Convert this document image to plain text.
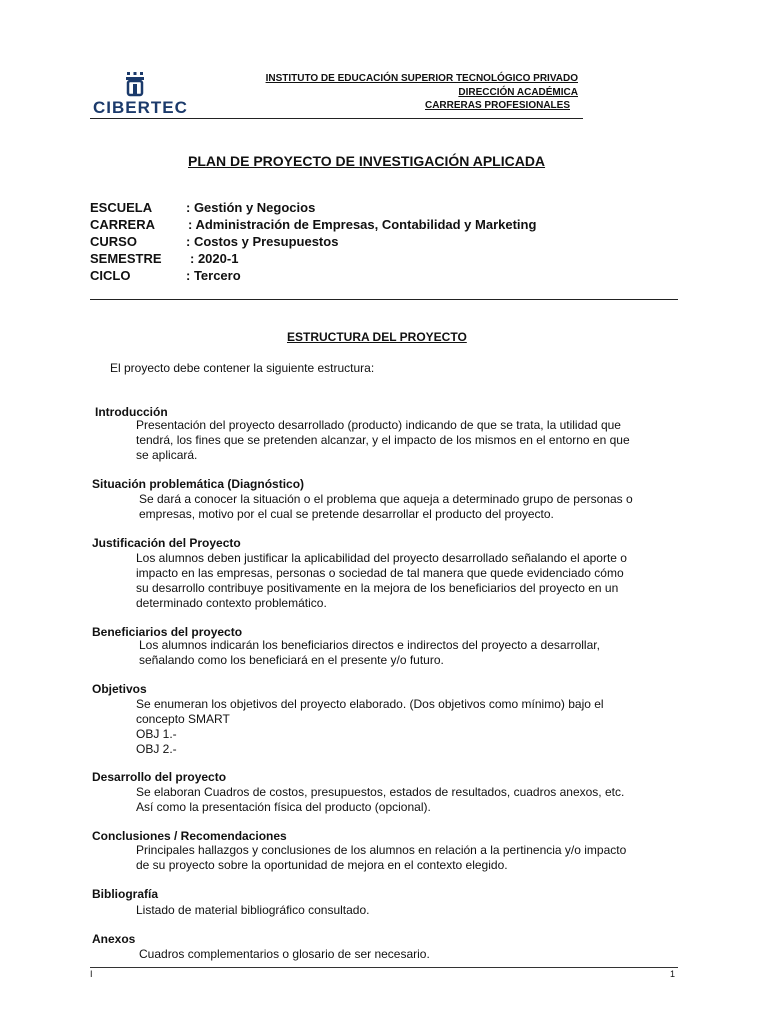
CIBERTEC
INSTITUTO DE EDUCACIÓN SUPERIOR TECNOLÓGICO PRIVADO
DIRECCIÓN ACADÉMICA
CARRERAS PROFESIONALES
PLAN DE PROYECTO DE INVESTIGACIÓN APLICADA
ESCUELA	: Gestión y Negocios
CARRERA	: Administración de Empresas, Contabilidad y Marketing
CURSO	: Costos y Presupuestos
SEMESTRE : 2020-1
CICLO	: Tercero
ESTRUCTURA DEL PROYECTO
El proyecto debe contener la siguiente estructura:
Introducción
Presentación del proyecto desarrollado (producto) indicando de que se trata, la utilidad que
tendrá, los fines que se pretenden alcanzar, y el impacto de los mismos en el entorno en que
se aplicará.
Situación problemática (Diagnóstico)
Se dará a conocer la situación o el problema que aqueja a determinado grupo de personas o
empresas, motivo por el cual se pretende desarrollar el producto del proyecto.
Justificación del Proyecto
Los alumnos deben justificar la aplicabilidad del proyecto desarrollado señalando el aporte o
impacto en las empresas, personas o sociedad de tal manera que quede evidenciado cómo
su desarrollo contribuye positivamente en la mejora de los beneficiarios del proyecto en un
determinado contexto problemático.
Beneficiarios del proyecto
Los alumnos indicarán los beneficiarios directos e indirectos del proyecto a desarrollar,
señalando como los beneficiará en el presente y/o futuro.
Objetivos
Se enumeran los objetivos del proyecto elaborado. (Dos objetivos como mínimo) bajo el
concepto SMART
OBJ 1.-
OBJ 2.-
Desarrollo del proyecto
Se elaboran Cuadros de costos, presupuestos, estados de resultados, cuadros anexos, etc.
Así como la presentación física del producto (opcional).
Conclusiones / Recomendaciones
Principales hallazgos y conclusiones de los alumnos en relación a la pertinencia y/o impacto
de su proyecto sobre la oportunidad de mejora en el contexto elegido.
Bibliografía
Listado de material bibliográfico consultado.
Anexos
Cuadros complementarios o glosario de ser necesario.
I	1
